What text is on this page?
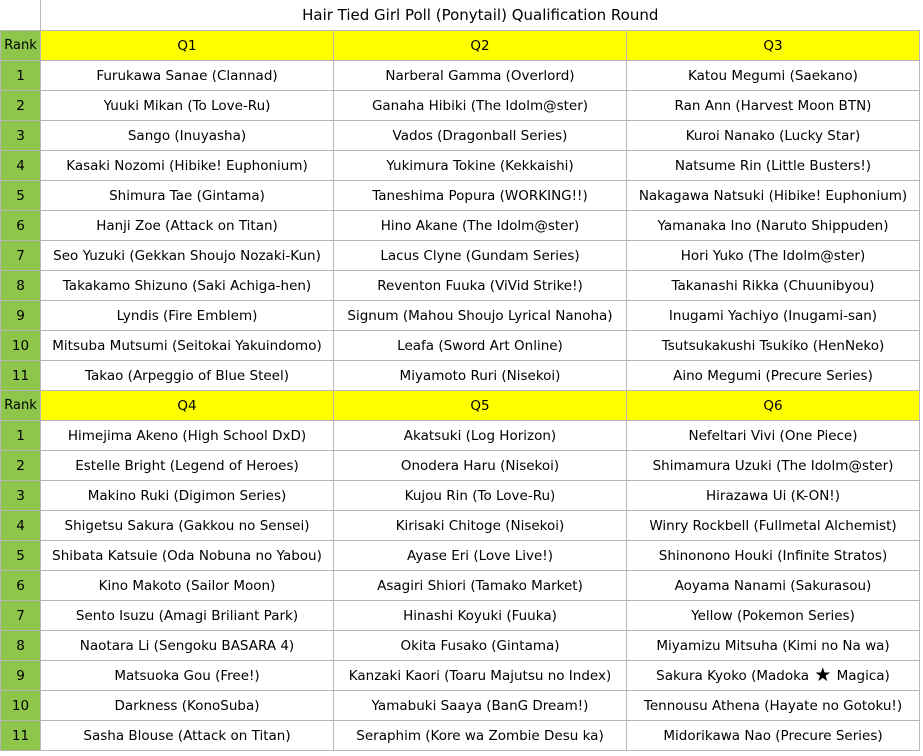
	Hair Tied Girl Poll (Ponytail) Qualification Round		
Rank	Q1	Q2	Q3
1	Furukawa Sanae (Clannad)	Narberal Gamma (Overlord)	Katou Megumi (Saekano)
2	Yuuki Mikan (To Love-Ru)	Ganaha Hibiki (The Idolm@ster)	Ran Ann (Harvest Moon BTN)
3	Sango (Inuyasha)	Vados (Dragonball Series)	Kuroi Nanako (Lucky Star)
4	Kasaki Nozomi (Hibike! Euphonium)	Yukimura Tokine (Kekkaishi)	Natsume Rin (Little Busters!)
5	Shimura Tae (Gintama)	Taneshima Popura (WORKING!!)	Nakagawa Natsuki (Hibike! Euphonium)
6	Hanji Zoe (Attack on Titan)	Hino Akane (The Idolm@ster)	Yamanaka Ino (Naruto Shippuden)
7	Seo Yuzuki (Gekkan Shoujo Nozaki-Kun)	Lacus Clyne (Gundam Series)	Hori Yuko (The Idolm@ster)
8	Takakamo Shizuno (Saki Achiga-hen)	Reventon Fuuka (ViVid Strike!)	Takanashi Rikka (Chuunibyou)
9	Lyndis (Fire Emblem)	Signum (Mahou Shoujo Lyrical Nanoha)	Inugami Yachiyo (Inugami-san)
10	Mitsuba Mutsumi (Seitokai Yakuindomo)	Leafa (Sword Art Online)	Tsutsukakushi Tsukiko (HenNeko)
11	Takao (Arpeggio of Blue Steel)	Miyamoto Ruri (Nisekoi)	Aino Megumi (Precure Series)
Rank	Q4	Q5	Q6
1	Himejima Akeno (High School DxD)	Akatsuki (Log Horizon)	Nefeltari Vivi (One Piece)
2	Estelle Bright (Legend of Heroes)	Onodera Haru (Nisekoi)	Shimamura Uzuki (The Idolm@ster)
3	Makino Ruki (Digimon Series)	Kujou Rin (To Love-Ru)	Hirazawa Ui (K-ON!)
4	Shigetsu Sakura (Gakkou no Sensei)	Kirisaki Chitoge (Nisekoi)	Winry Rockbell (Fullmetal Alchemist)
5	Shibata Katsuie (Oda Nobuna no Yabou)	Ayase Eri (Love Live!)	Shinonono Houki (Infinite Stratos)
6	Kino Makoto (Sailor Moon)	Asagiri Shiori (Tamako Market)	Aoyama Nanami (Sakurasou)
7	Sento Isuzu (Amagi Briliant Park)	Hinashi Koyuki (Fuuka)	Yellow (Pokemon Series)
8	Naotara Li (Sengoku BASARA 4)	Okita Fusako (Gintama)	Miyamizu Mitsuha (Kimi no Na wa)
9	Matsuoka Gou (Free!)	Kanzaki Kaori (Toaru Majutsu no Index)	Sakura Kyoko (Madoka ★ Magica)
10	Darkness (KonoSuba)	Yamabuki Saaya (BanG Dream!)	Tennousu Athena (Hayate no Gotoku!)
11	Sasha Blouse (Attack on Titan)	Seraphim (Kore wa Zombie Desu ka)	Midorikawa Nao (Precure Series)
